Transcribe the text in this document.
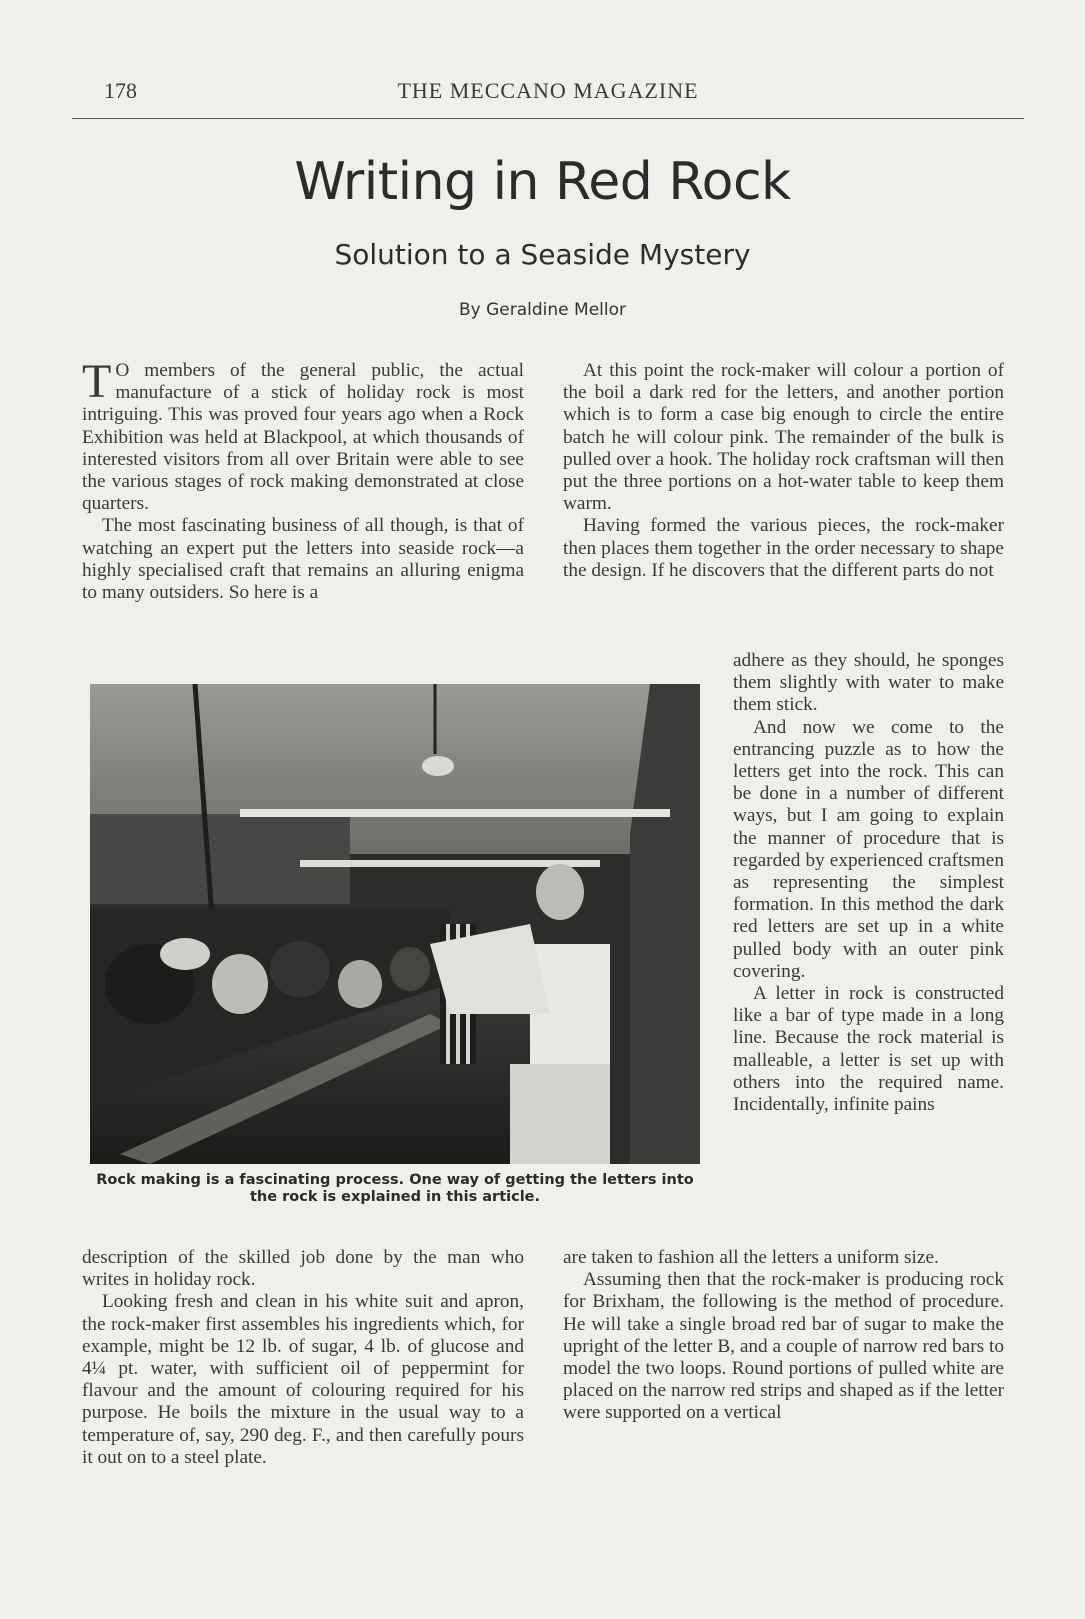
178	THE MECCANO MAGAZINE
Writing in Red Rock
Solution to a Seaside Mystery
By Geraldine Mellor

T O members of the general public, the actual manufacture of a stick of holiday rock is most intriguing. This was proved four years ago when a Rock Exhibition was held at Blackpool, at which thousands of interested visitors from all over Britain were able to see the various stages of rock making demonstrated at close quarters.

The most fascinating business of all though, is that of watching an expert put the letters into seaside rock—a highly specialised craft that remains an alluring enigma to many outsiders. So here is a

At this point the rock-maker will colour a portion of the boil a dark red for the letters, and another portion which is to form a case big enough to circle the entire batch he will colour pink. The remainder of the bulk is pulled over a hook. The holiday rock craftsman will then put the three portions on a hot-water table to keep them warm.

Having formed the various pieces, the rock-maker then places them together in the order necessary to shape the design. If he discovers that the different parts do not

Rock making is a fascinating process. One way of getting the letters into the rock is explained in this article.

adhere as they should, he sponges them slightly with water to make them stick.

And now we come to the entrancing puzzle as to how the letters get into the rock. This can be done in a number of different ways, but I am going to explain the manner of procedure that is regarded by experienced craftsmen as representing the simplest formation. In this method the dark red letters are set up in a white pulled body with an outer pink covering.

A letter in rock is constructed like a bar of type made in a long line. Because the rock material is malleable, a letter is set up with others into the required name. Incidentally, infinite pains

description of the skilled job done by the man who writes in holiday rock.

Looking fresh and clean in his white suit and apron, the rock-maker first assembles his ingredients which, for example, might be 12 lb. of sugar, 4 lb. of glucose and 4¼ pt. water, with sufficient oil of peppermint for flavour and the amount of colouring required for his purpose. He boils the mixture in the usual way to a temperature of, say, 290 deg. F., and then carefully pours it out on to a steel plate.

are taken to fashion all the letters a uniform size.

Assuming then that the rock-maker is producing rock for Brixham, the following is the method of procedure. He will take a single broad red bar of sugar to make the upright of the letter B, and a couple of narrow red bars to model the two loops. Round portions of pulled white are placed on the narrow red strips and shaped as if the letter were supported on a vertical
